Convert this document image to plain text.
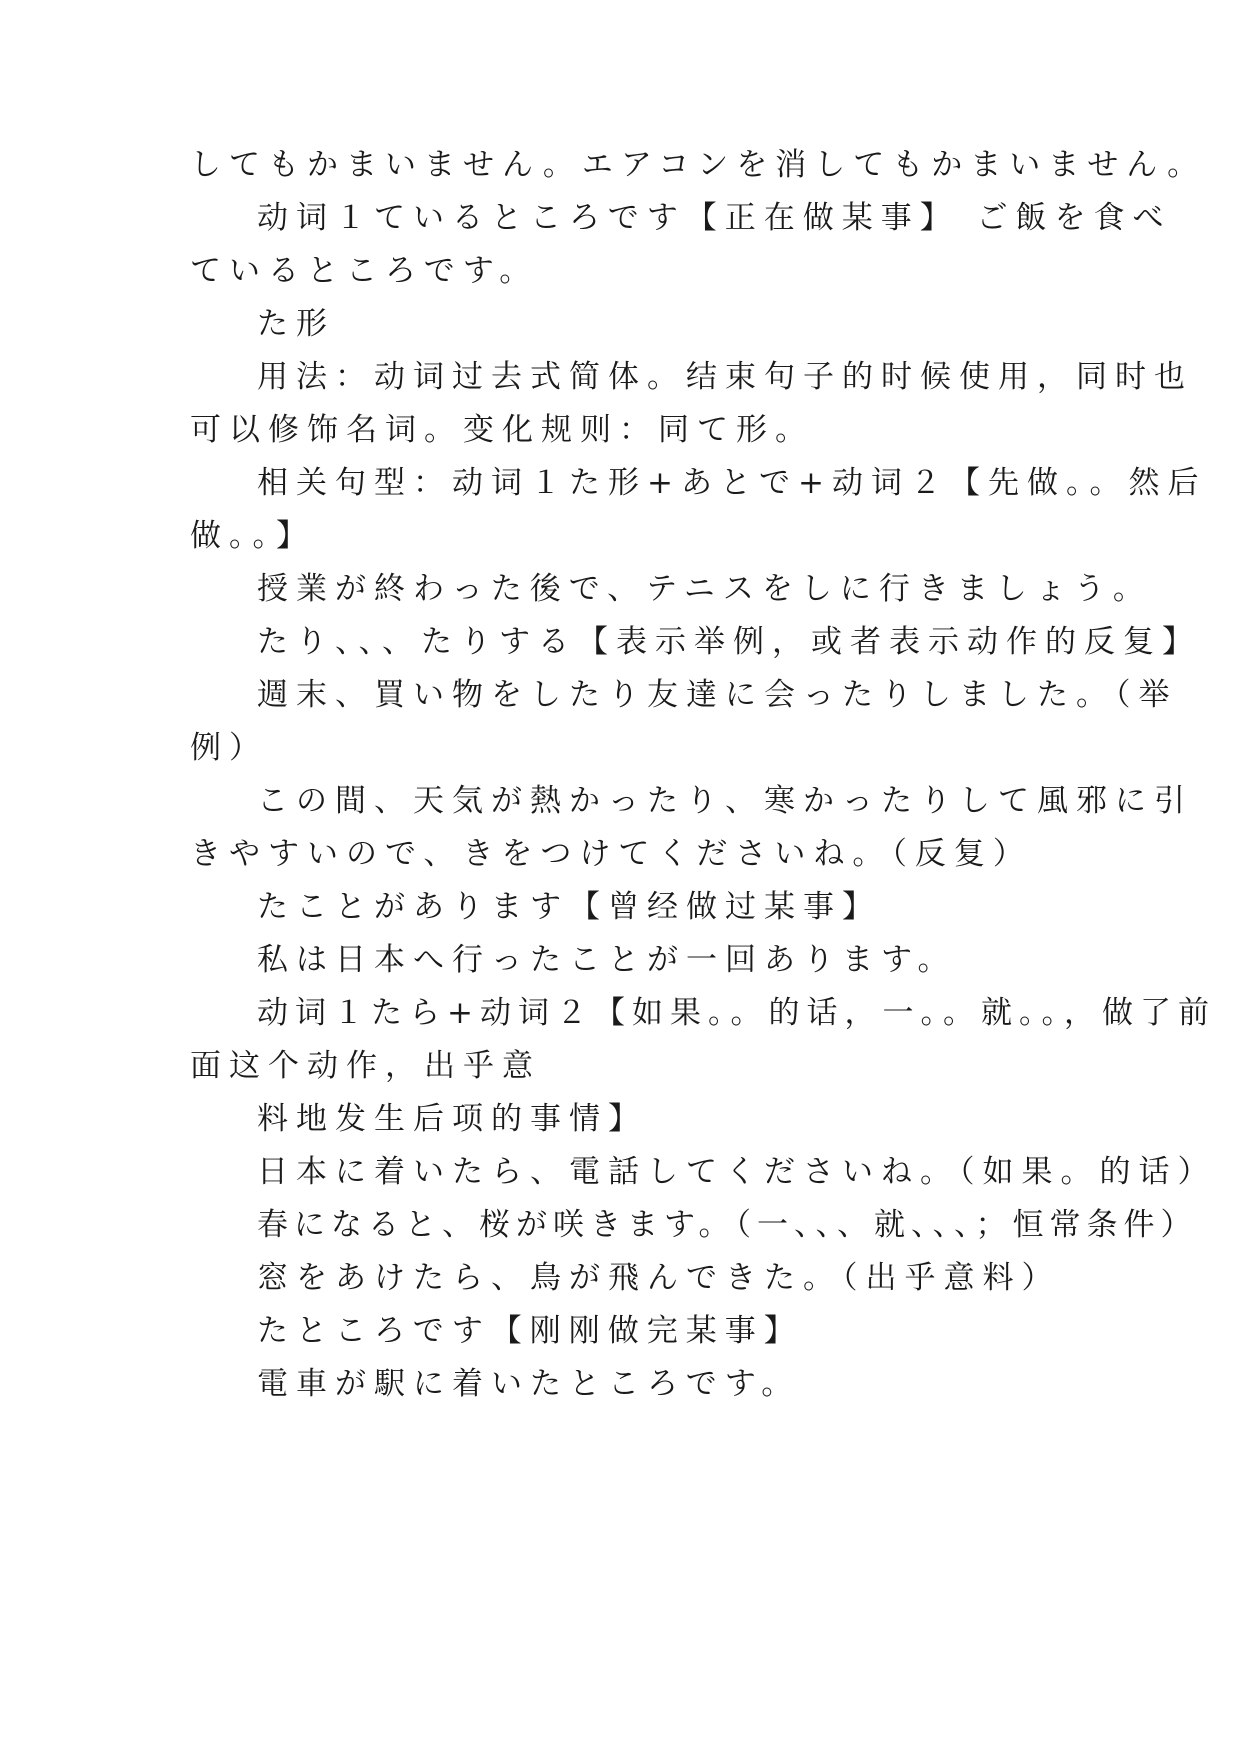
してもかまいません。エアコンを消してもかまいません。
动词１ているところです【正在做某事】 ご飯を食べ
ているところです。
た形
用法：动词过去式简体。结束句子的时候使用，同时也
可以修饰名词。变化规则：同て形。
相关句型：动词１た形+あとで+动词２【先做。。然后
做。。】
授業が終わった後で、テニスをしに行きましょう。
たり、、、たりする【表示举例，或者表示动作的反复】
週末、買い物をしたり友達に会ったりしました。（举
例）
この間、天気が熱かったり、寒かったりして風邪に引
きやすいので、きをつけてくださいね。（反复）
たことがあります【曾经做过某事】
私は日本へ行ったことが一回あります。
动词１たら+动词２【如果。。的话，一。。就。。，做了前
面这个动作，出乎意
料地发生后项的事情】
日本に着いたら、電話してくださいね。（如果。的话）
春になると、桜が咲きます。（一、、、就、、、；恒常条件）
窓をあけたら、鳥が飛んできた。（出乎意料）
たところです【刚刚做完某事】
電車が駅に着いたところです。
